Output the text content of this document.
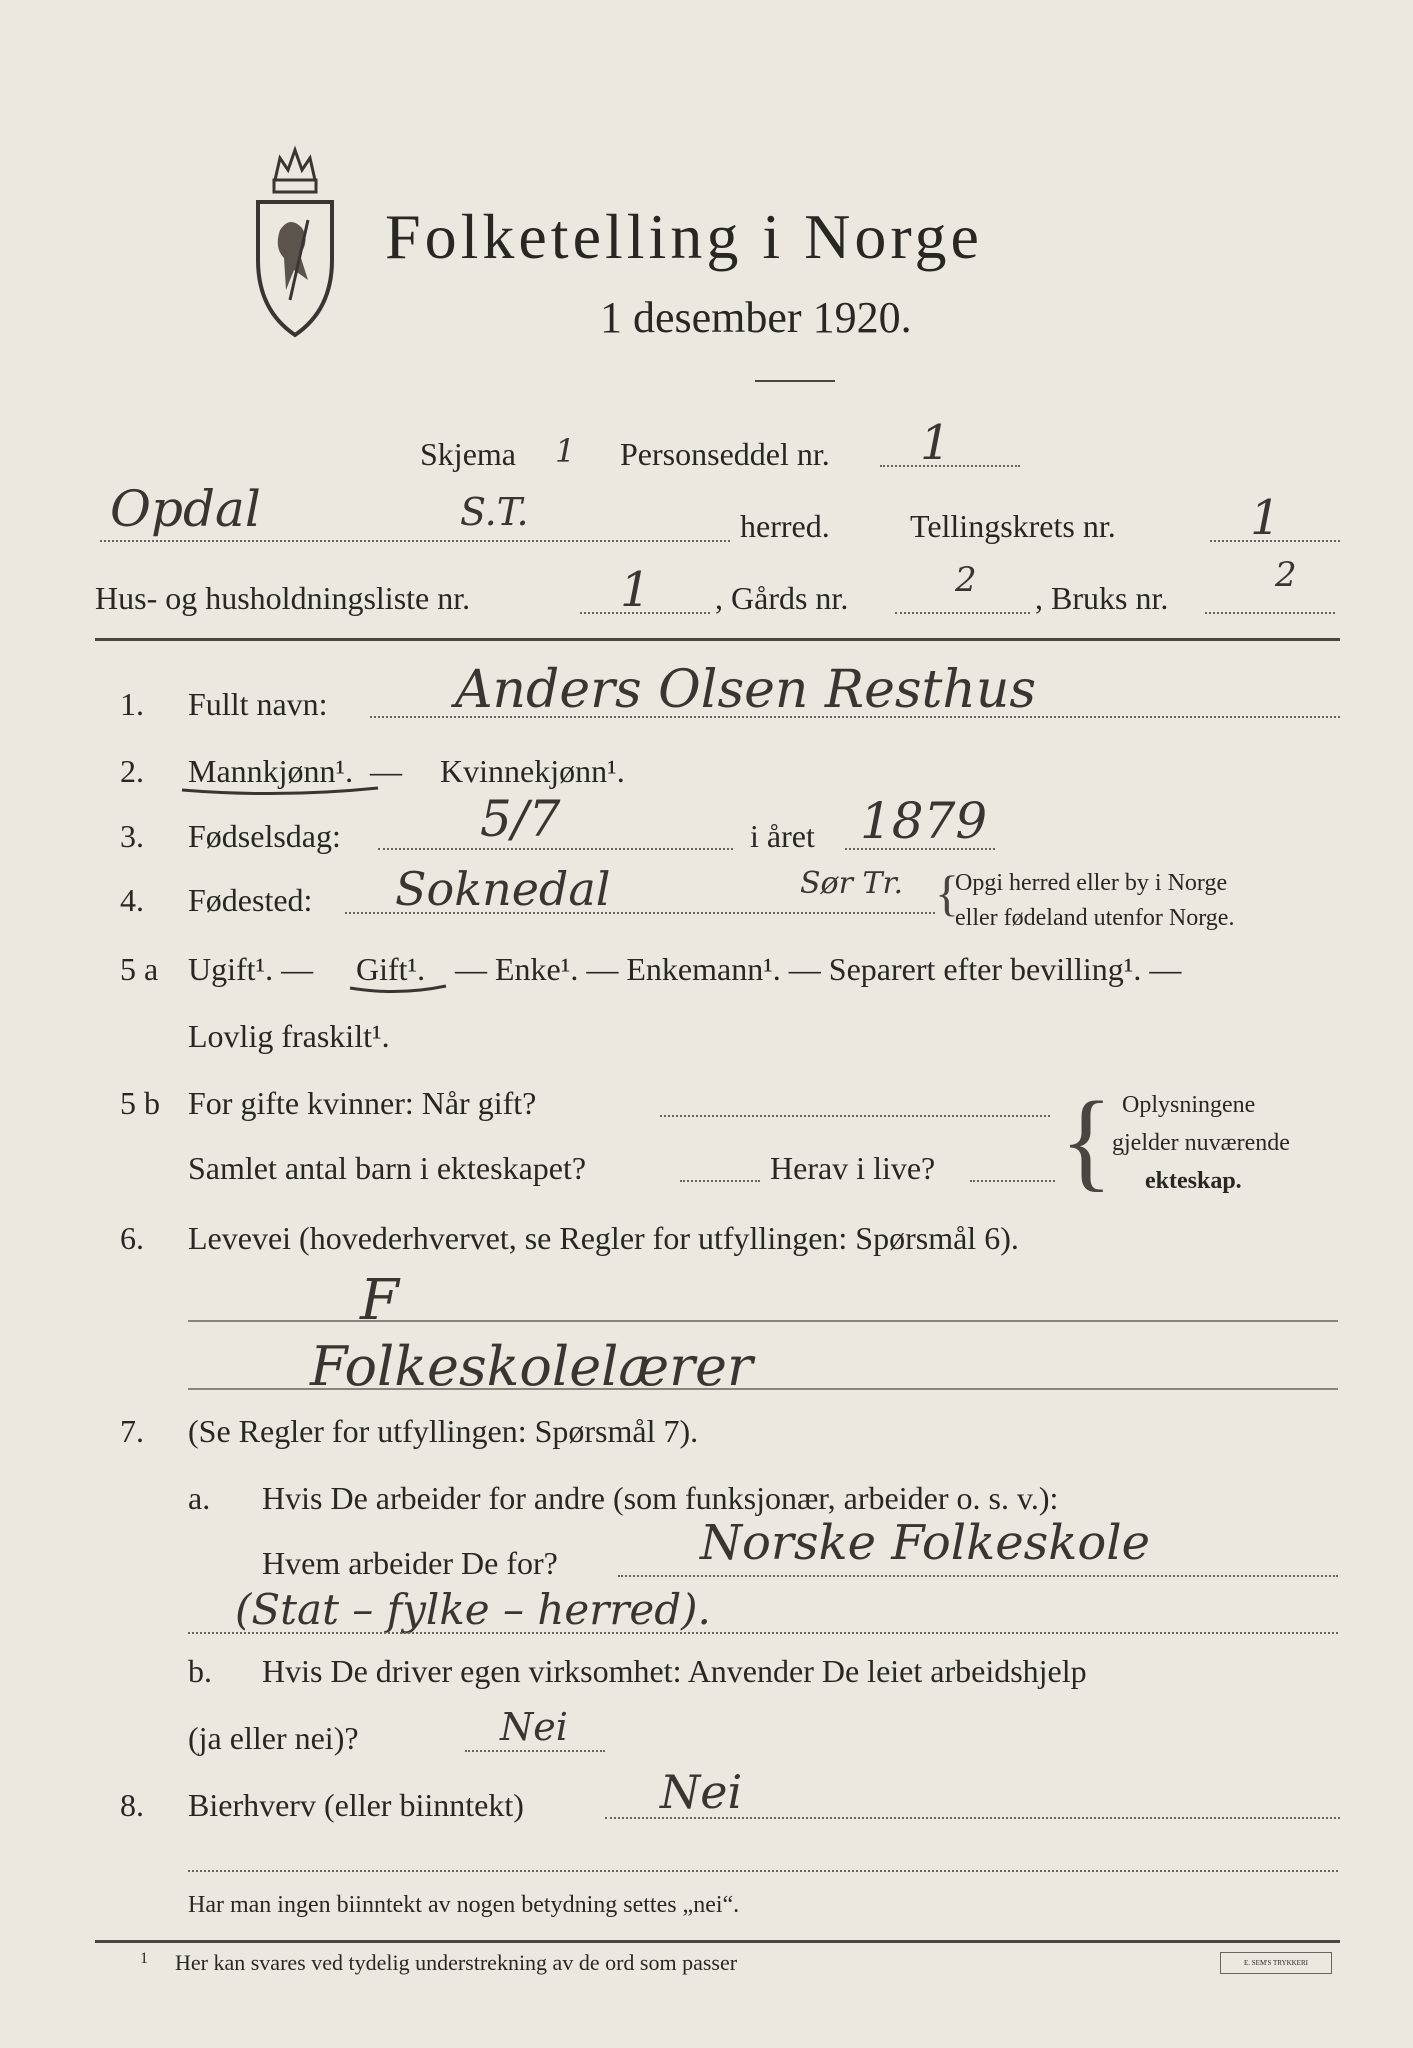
Folketelling i Norge
1 desember 1920.
Skjema 1 Personseddel nr. 1
Opdal	S.T.	herred.	Tellingskrets nr.	1
Hus- og husholdningsliste nr.	1 , Gårds nr.	2 , Bruks nr.
2
1. Fullt navn: Anders Olsen Resthus
2. Mannkjønn¹. — Kvinnekjønn¹.
3. Fødselsdag:	5/7	i året 1879
4. Fødested: Soknedal	Sør Tr. {
Opgi herred eller by i Norge
eller fødeland utenfor Norge.
5 a Ugift¹. — Gift¹. — Enke¹. — Enkemann¹. — Separert efter bevilling¹. —
Lovlig fraskilt¹.
5 b For gifte kvinner: Når gift?
Samlet antal barn i ekteskapet?	Herav i live? { Oplysningene
gjelder nuværende
ekteskap.
6. Levevei (hovederhvervet, se Regler for utfyllingen: Spørsmål 6).
F
Folkeskolelærer
7. (Se Regler for utfyllingen: Spørsmål 7).
a. Hvis De arbeider for andre (som funksjonær, arbeider o. s. v.):
Hvem arbeider De for?	Norske Folkeskole
(Stat – fylke – herred).
b. Hvis De driver egen virksomhet: Anvender De leiet arbeidshjelp
(ja eller nei)?	Nei
8. Bierhverv (eller biinntekt)	Nei
Har man ingen biinntekt av nogen betydning settes „nei“.
1 Her kan svares ved tydelig understrekning av de ord som passer	E. SEM'S TRYKKERI
